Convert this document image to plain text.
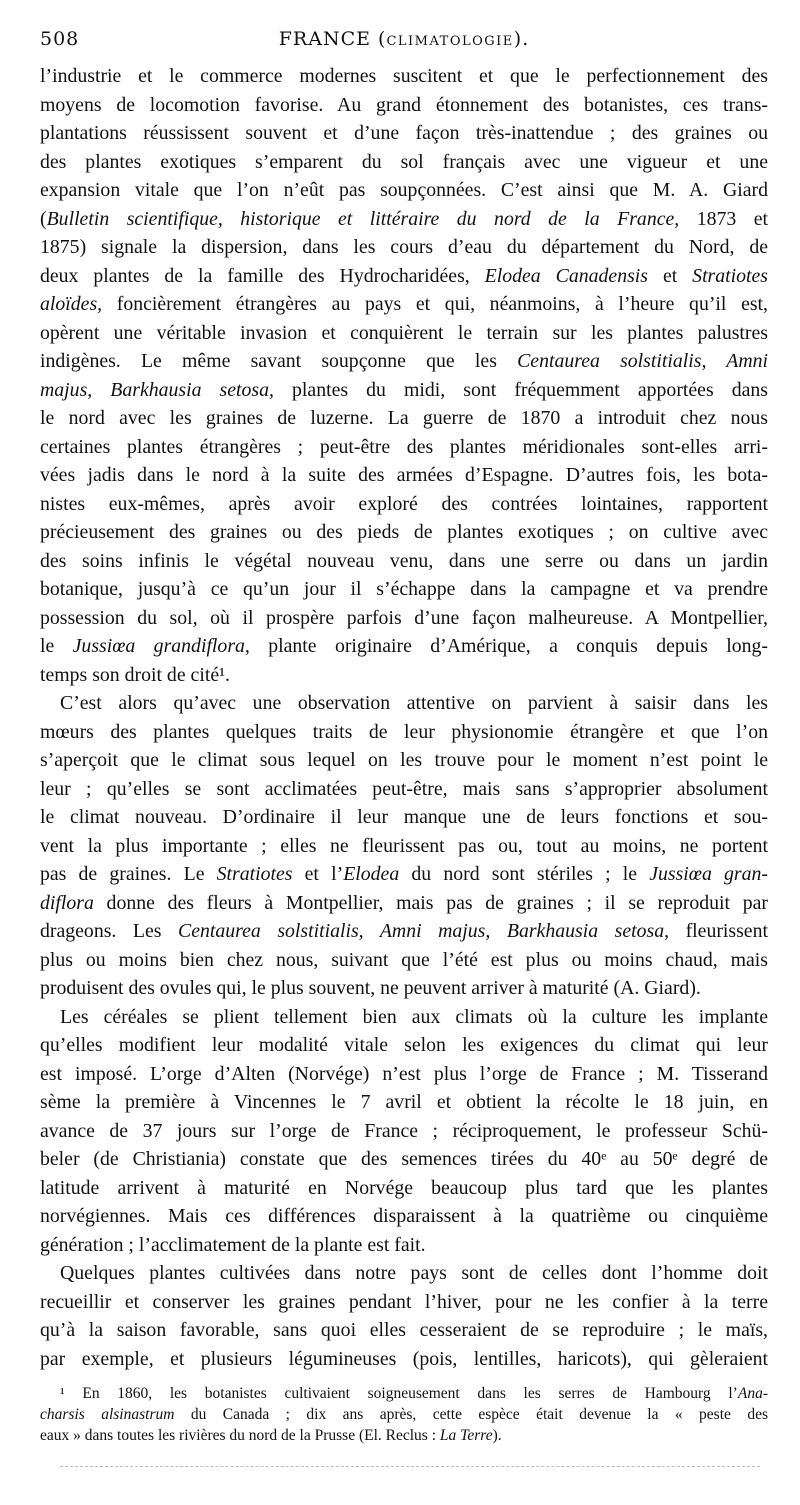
508	FRANCE (CLIMATOLOGIE).
l’industrie et le commerce modernes suscitent et que le perfectionnement des
moyens de locomotion favorise. Au grand étonnement des botanistes, ces trans-
plantations réussissent souvent et d’une façon très-inattendue ; des graines ou
des plantes exotiques s’emparent du sol français avec une vigueur et une
expansion vitale que l’on n’eût pas soupçonnées. C’est ainsi que M. A. Giard
(Bulletin scientifique, historique et littéraire du nord de la France, 1873 et
1875) signale la dispersion, dans les cours d’eau du département du Nord, de
deux plantes de la famille des Hydrocharidées, Elodea Canadensis et Stratiotes
aloïdes, foncièrement étrangères au pays et qui, néanmoins, à l’heure qu’il est,
opèrent une véritable invasion et conquièrent le terrain sur les plantes palustres
indigènes. Le même savant soupçonne que les Centaurea solstitialis, Amni
majus, Barkhausia setosa, plantes du midi, sont fréquemment apportées dans
le nord avec les graines de luzerne. La guerre de 1870 a introduit chez nous
certaines plantes étrangères ; peut-être des plantes méridionales sont-elles arri-
vées jadis dans le nord à la suite des armées d’Espagne. D’autres fois, les bota-
nistes eux-mêmes, après avoir exploré des contrées lointaines, rapportent
précieusement des graines ou des pieds de plantes exotiques ; on cultive avec
des soins infinis le végétal nouveau venu, dans une serre ou dans un jardin
botanique, jusqu’à ce qu’un jour il s’échappe dans la campagne et va prendre
possession du sol, où il prospère parfois d’une façon malheureuse. A Montpellier,
le Jussiœa grandiflora, plante originaire d’Amérique, a conquis depuis long-
temps son droit de cité¹.
C’est alors qu’avec une observation attentive on parvient à saisir dans les
mœurs des plantes quelques traits de leur physionomie étrangère et que l’on
s’aperçoit que le climat sous lequel on les trouve pour le moment n’est point le
leur ; qu’elles se sont acclimatées peut-être, mais sans s’approprier absolument
le climat nouveau. D’ordinaire il leur manque une de leurs fonctions et sou-
vent la plus importante ; elles ne fleurissent pas ou, tout au moins, ne portent
pas de graines. Le Stratiotes et l’Elodea du nord sont stériles ; le Jussiœa gran-
diflora donne des fleurs à Montpellier, mais pas de graines ; il se reproduit par
drageons. Les Centaurea solstitialis, Amni majus, Barkhausia setosa, fleurissent
plus ou moins bien chez nous, suivant que l’été est plus ou moins chaud, mais
produisent des ovules qui, le plus souvent, ne peuvent arriver à maturité (A. Giard).
Les céréales se plient tellement bien aux climats où la culture les implante
qu’elles modifient leur modalité vitale selon les exigences du climat qui leur
est imposé. L’orge d’Alten (Norvége) n’est plus l’orge de France ; M. Tisserand
sème la première à Vincennes le 7 avril et obtient la récolte le 18 juin, en
avance de 37 jours sur l’orge de France ; réciproquement, le professeur Schü-
beler (de Christiania) constate que des semences tirées du 40ᵉ au 50ᵉ degré de
latitude arrivent à maturité en Norvége beaucoup plus tard que les plantes
norvégiennes. Mais ces différences disparaissent à la quatrième ou cinquième
génération ; l’acclimatement de la plante est fait.
Quelques plantes cultivées dans notre pays sont de celles dont l’homme doit
recueillir et conserver les graines pendant l’hiver, pour ne les confier à la terre
qu’à la saison favorable, sans quoi elles cesseraient de se reproduire ; le maïs,
par exemple, et plusieurs légumineuses (pois, lentilles, haricots), qui gèleraient
¹ En 1860, les botanistes cultivaient soigneusement dans les serres de Hambourg l’Ana-
charsis alsinastrum du Canada ; dix ans après, cette espèce était devenue la « peste des
eaux » dans toutes les rivières du nord de la Prusse (El. Reclus : La Terre).
